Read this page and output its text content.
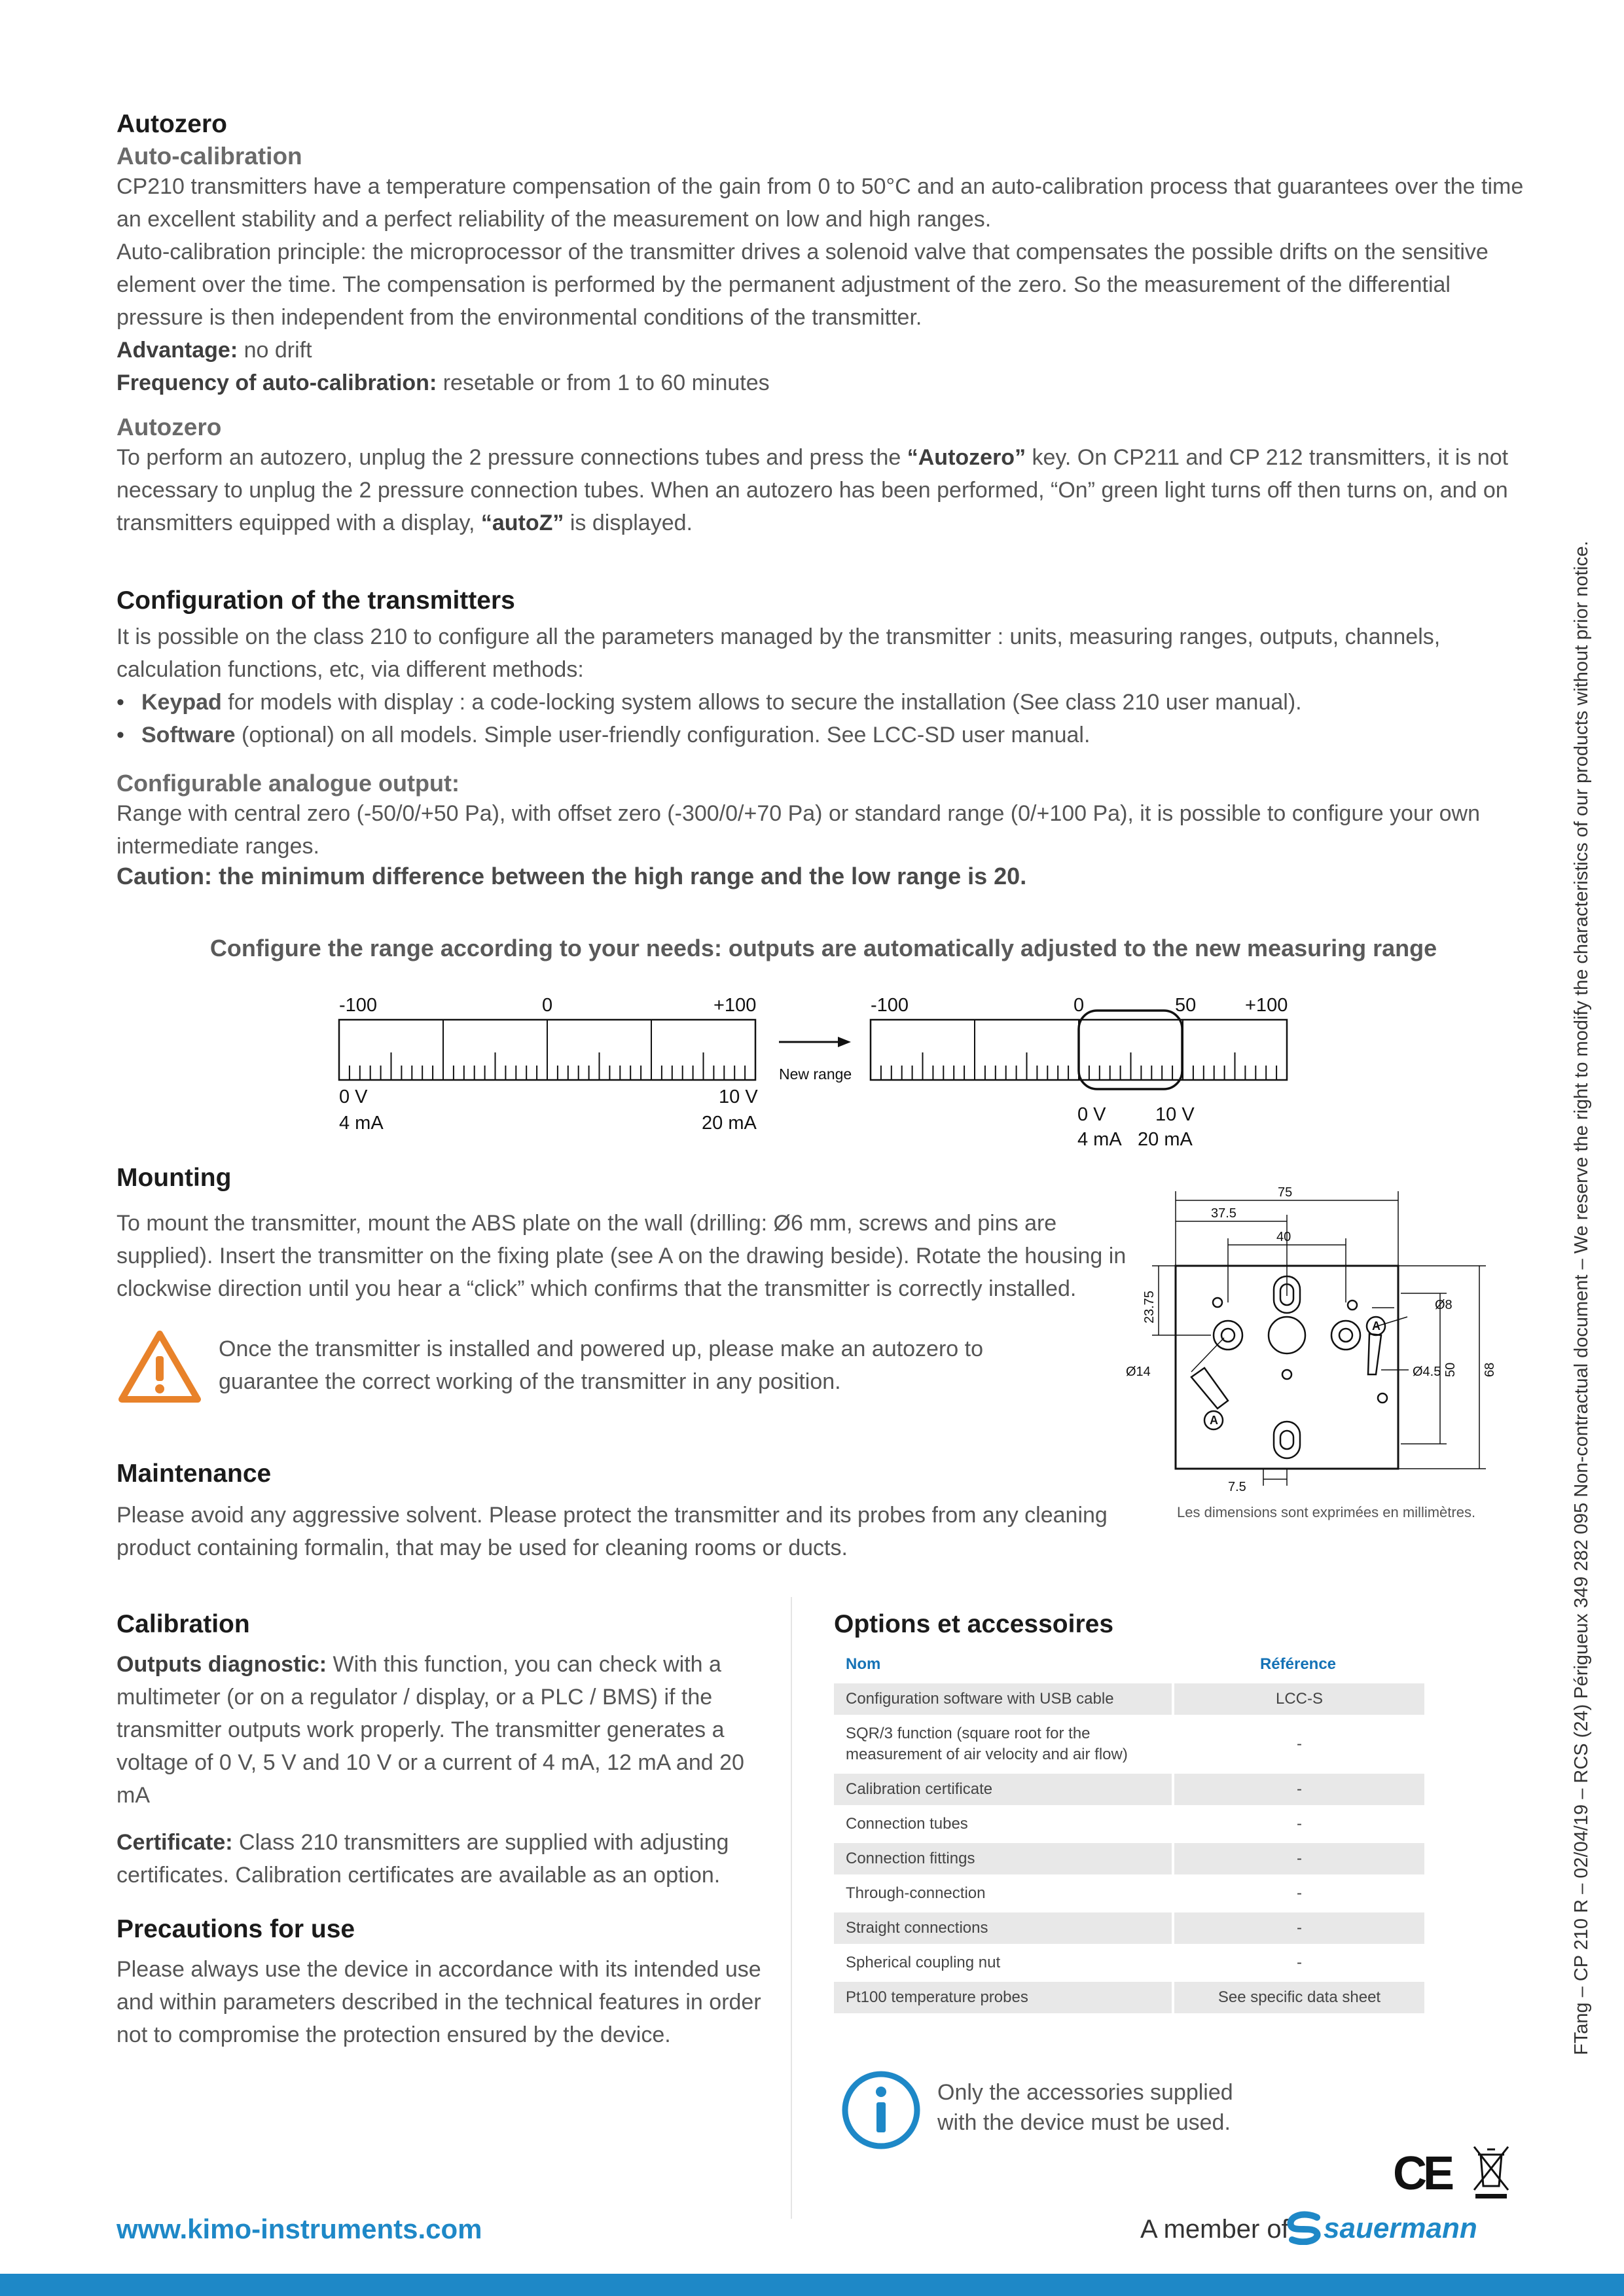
Autozero
Auto-calibration

CP210 transmitters have a temperature compensation of the gain from 0 to 50°C and an auto-calibration process that guarantees over the time an excellent stability and a perfect reliability of the measurement on low and high ranges.

Auto-calibration principle: the microprocessor of the transmitter drives a solenoid valve that compensates the possible drifts on the sensitive element over the time. The compensation is performed by the permanent adjustment of the zero. So the measurement of the differential pressure is then independent from the environmental conditions of the transmitter.

Advantage: no drift

Frequency of auto-calibration: resetable or from 1 to 60 minutes

Autozero

To perform an autozero, unplug the 2 pressure connections tubes and press the “Autozero” key. On CP211 and CP 212 transmitters, it is not necessary to unplug the 2 pressure connection tubes. When an autozero has been performed, “On” green light turns off then turns on, and on transmitters equipped with a display, “autoZ” is displayed.

Configuration of the transmitters

It is possible on the class 210 to configure all the parameters managed by the transmitter : units, measuring ranges, outputs, channels, calculation functions, etc, via different methods:

• Keypad for models with display : a code-locking system allows to secure the installation (See class 210 user manual).
• Software (optional) on all models. Simple user-friendly configuration. See LCC-SD user manual.
Configurable analogue output:

Range with central zero (-50/0/+50 Pa), with offset zero (-300/0/+70 Pa) or standard range (0/+100 Pa), it is possible to configure your own intermediate ranges.

Caution: the minimum difference between the high range and the low range is 20.
Configure the range according to your needs: outputs are automatically adjusted to the new measuring range
-100	0	+100
0 V
4 mA
10 V
20 mA
New range
-100	0	50	+100
0 V
4 mA
10 V
20 mA
Mounting

To mount the transmitter, mount the ABS plate on the wall (drilling: Ø6 mm, screws and pins are supplied). Insert the transmitter on the fixing plate (see A on the drawing beside). Rotate the housing in clockwise direction until you hear a “click” which confirms that the transmitter is correctly installed.

Once the transmitter is installed and powered up, please make an autozero to guarantee the correct working of the transmitter in any position.
A
A
75
37.5
40
23.75	Ø8
Ø14	Ø4.5 50 68
7.5
Les dimensions sont exprimées en millimètres.
Maintenance

Please avoid any aggressive solvent. Please protect the transmitter and its probes from any cleaning product containing formalin, that may be used for cleaning rooms or ducts.

Calibration

Outputs diagnostic: With this function, you can check with a multimeter (or on a regulator / display, or a PLC / BMS) if the transmitter outputs work properly. The transmitter generates a voltage of 0 V, 5 V and 10 V or a current of 4 mA, 12 mA and 20 mA

Certificate: Class 210 transmitters are supplied with adjusting certificates. Calibration certificates are available as an option.

Precautions for use

Please always use the device in accordance with its intended use and within parameters described in the technical features in order not to compromise the protection ensured by the device.

Options et accessoires
Nom	Référence
Configuration software with USB cable	LCC-S
SQR/3 function (square root for the measurement of air velocity and air flow)	-
Calibration certificate	-
Connection tubes	-
Connection fittings	-
Through-connection	-
Straight connections	-
Spherical coupling nut	-
Pt100 temperature probes	See specific data sheet
Only the accessories supplied with the device must be used.
CE
www.kimo-instruments.com	A member of sauermann
FTang – CP 210 R – 02/04/19 – RCS (24) Périgueux 349 282 095 Non-contractual document – We reserve the right to modify the characteristics of our products without prior notice.
